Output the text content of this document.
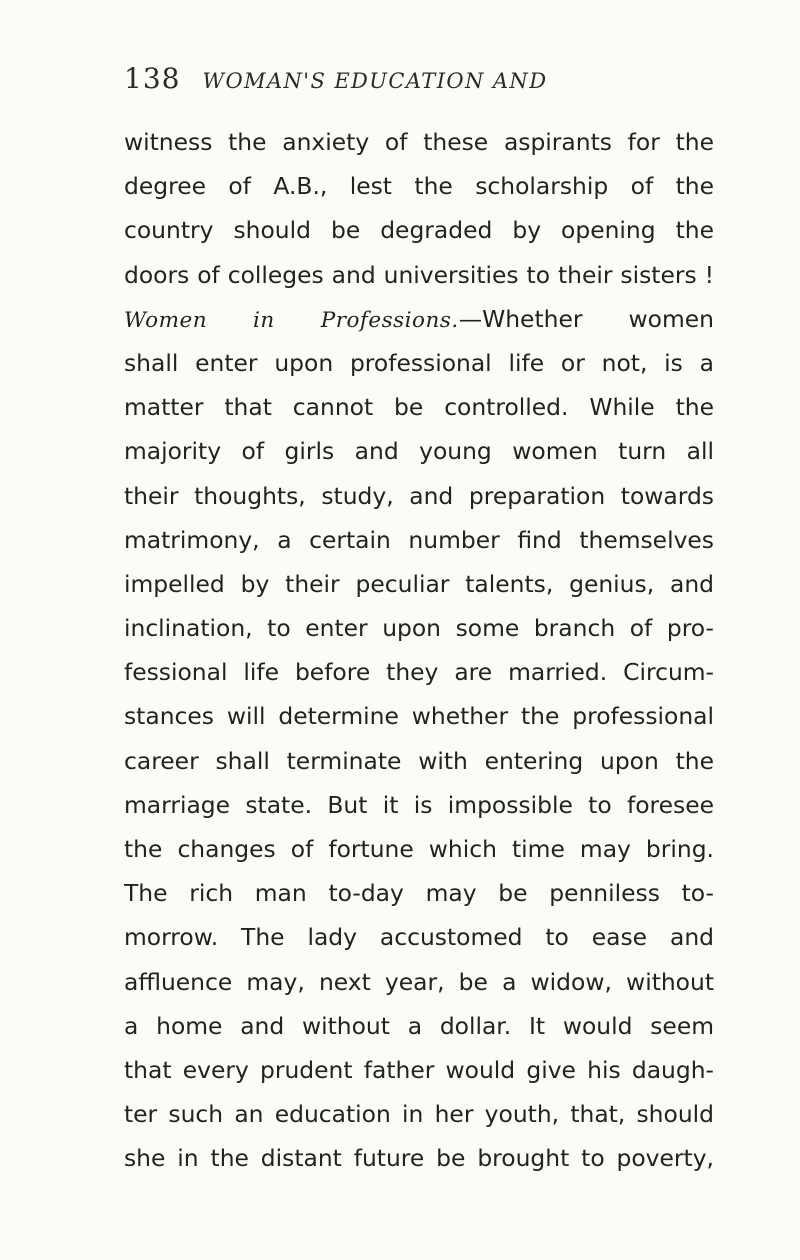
138 WOMAN'S EDUCATION AND
witness the anxiety of these aspirants for the
degree of A.B., lest the scholarship of the
country should be degraded by opening the
doors of colleges and universities to their sisters !
Women in Professions.—Whether women
shall enter upon professional life or not, is a
matter that cannot be controlled. While the
majority of girls and young women turn all
their thoughts, study, and preparation towards
matrimony, a certain number find themselves
impelled by their peculiar talents, genius, and
inclination, to enter upon some branch of pro-
fessional life before they are married. Circum-
stances will determine whether the professional
career shall terminate with entering upon the
marriage state. But it is impossible to foresee
the changes of fortune which time may bring.
The rich man to-day may be penniless to-
morrow. The lady accustomed to ease and
affluence may, next year, be a widow, without
a home and without a dollar. It would seem
that every prudent father would give his daugh-
ter such an education in her youth, that, should
she in the distant future be brought to poverty,
